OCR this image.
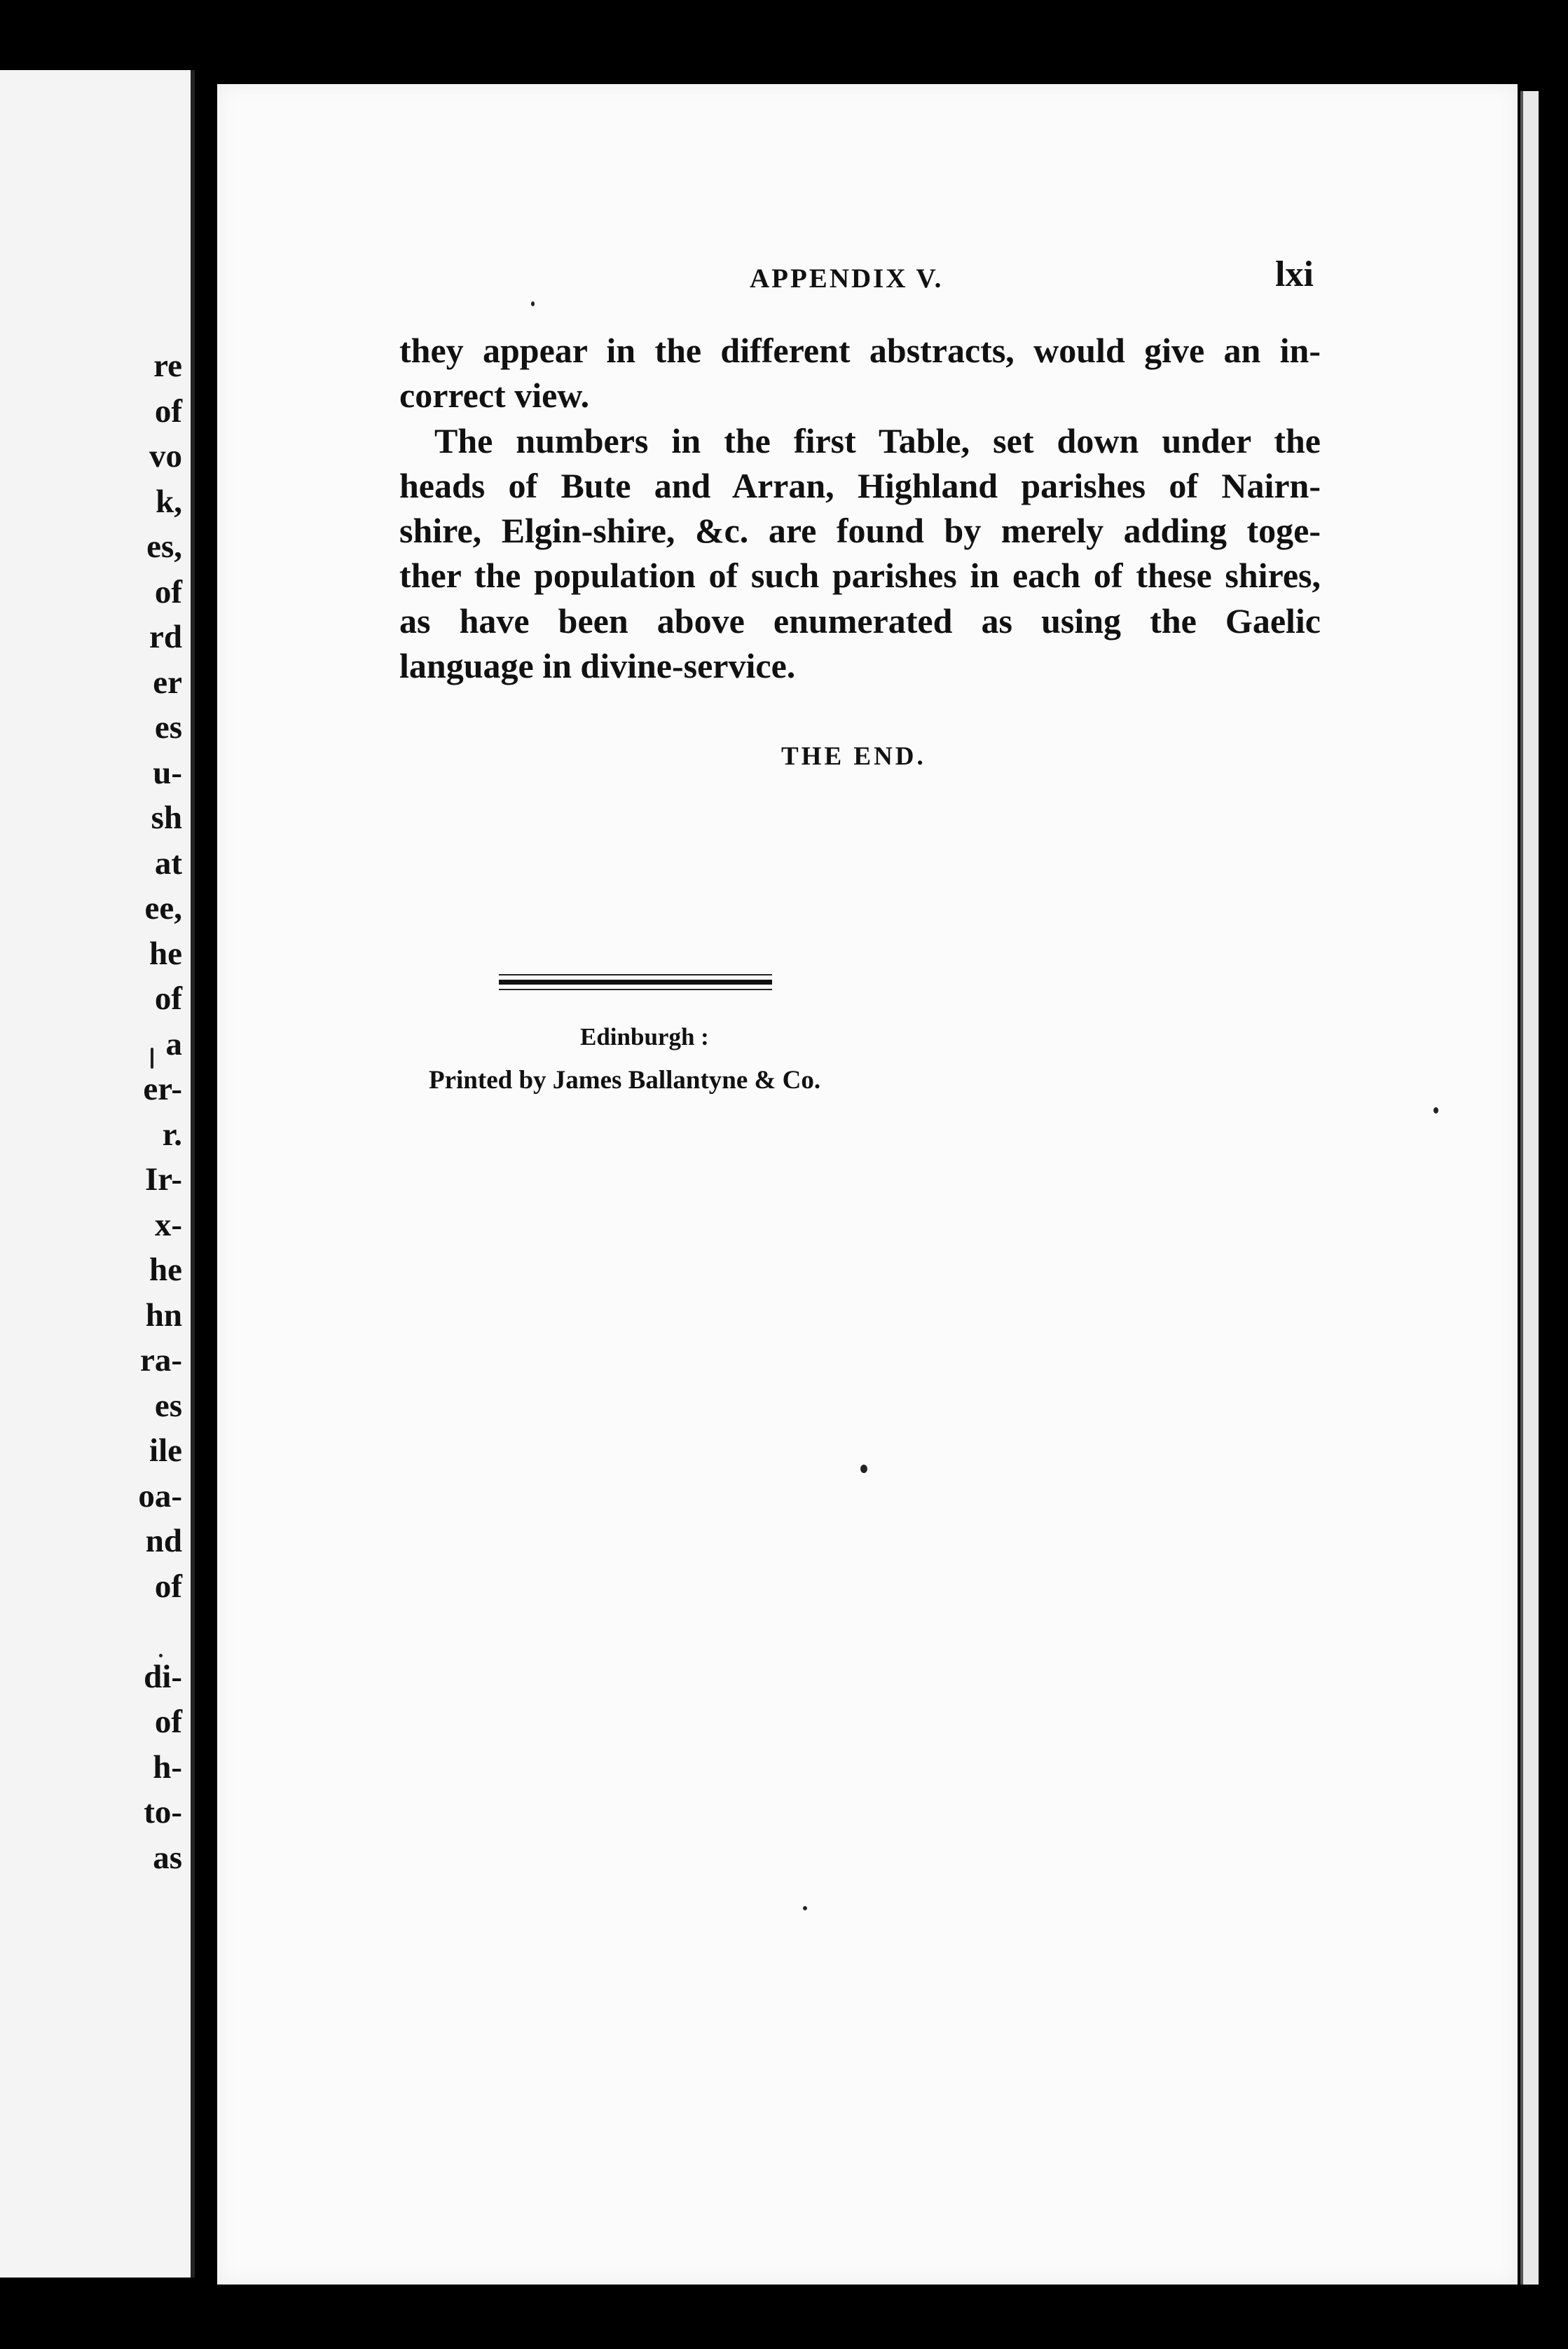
re
of
vo
k,
es,
of
rd
er
es
u-
sh
at
ee,
he
of
a
er-
r.
Ir-
x-
he
hn
ra-
es
ile
oa-
nd
of
di-
of
h-
to-
as
APPENDIX V.	lxi
they appear in the different abstracts, would give an in-
correct view.
The numbers in the first Table, set down under the
heads of Bute and Arran, Highland parishes of Nairn-
shire, Elgin-shire, &c. are found by merely adding toge-
ther the population of such parishes in each of these shires,
as have been above enumerated as using the Gaelic
language in divine-service.
THE END.
Edinburgh :
Printed by James Ballantyne & Co.
